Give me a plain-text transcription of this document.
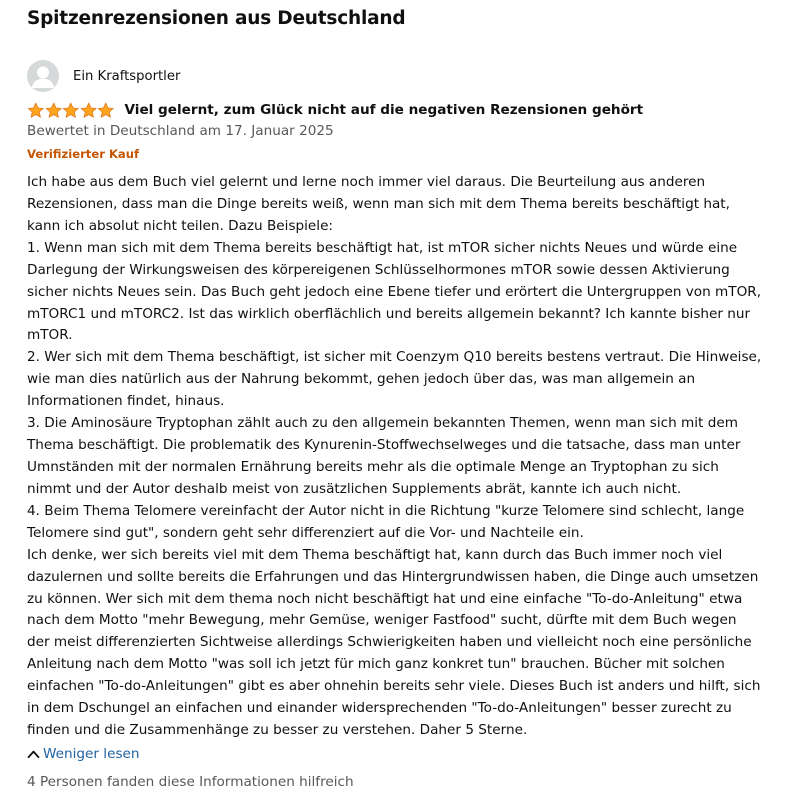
Spitzenrezensionen aus Deutschland
Ein Kraftsportler
Viel gelernt, zum Glück nicht auf die negativen Rezensionen gehört
Bewertet in Deutschland am 17. Januar 2025
Verifizierter Kauf
Ich habe aus dem Buch viel gelernt und lerne noch immer viel daraus. Die Beurteilung aus anderen
Rezensionen, dass man die Dinge bereits weiß, wenn man sich mit dem Thema bereits beschäftigt hat,
kann ich absolut nicht teilen. Dazu Beispiele:
1. Wenn man sich mit dem Thema bereits beschäftigt hat, ist mTOR sicher nichts Neues und würde eine
Darlegung der Wirkungsweisen des körpereigenen Schlüsselhormones mTOR sowie dessen Aktivierung
sicher nichts Neues sein. Das Buch geht jedoch eine Ebene tiefer und erörtert die Untergruppen von mTOR,
mTORC1 und mTORC2. Ist das wirklich oberflächlich und bereits allgemein bekannt? Ich kannte bisher nur
mTOR.
2. Wer sich mit dem Thema beschäftigt, ist sicher mit Coenzym Q10 bereits bestens vertraut. Die Hinweise,
wie man dies natürlich aus der Nahrung bekommt, gehen jedoch über das, was man allgemein an
Informationen findet, hinaus.
3. Die Aminosäure Tryptophan zählt auch zu den allgemein bekannten Themen, wenn man sich mit dem
Thema beschäftigt. Die problematik des Kynurenin-Stoffwechselweges und die tatsache, dass man unter
Umnständen mit der normalen Ernährung bereits mehr als die optimale Menge an Tryptophan zu sich
nimmt und der Autor deshalb meist von zusätzlichen Supplements abrät, kannte ich auch nicht.
4. Beim Thema Telomere vereinfacht der Autor nicht in die Richtung "kurze Telomere sind schlecht, lange
Telomere sind gut", sondern geht sehr differenziert auf die Vor- und Nachteile ein.
Ich denke, wer sich bereits viel mit dem Thema beschäftigt hat, kann durch das Buch immer noch viel
dazulernen und sollte bereits die Erfahrungen und das Hintergrundwissen haben, die Dinge auch umsetzen
zu können. Wer sich mit dem thema noch nicht beschäftigt hat und eine einfache "To-do-Anleitung" etwa
nach dem Motto "mehr Bewegung, mehr Gemüse, weniger Fastfood" sucht, dürfte mit dem Buch wegen
der meist differenzierten Sichtweise allerdings Schwierigkeiten haben und vielleicht noch eine persönliche
Anleitung nach dem Motto "was soll ich jetzt für mich ganz konkret tun" brauchen. Bücher mit solchen
einfachen "To-do-Anleitungen" gibt es aber ohnehin bereits sehr viele. Dieses Buch ist anders und hilft, sich
in dem Dschungel an einfachen und einander widersprechenden "To-do-Anleitungen" besser zurecht zu
finden und die Zusammenhänge zu besser zu verstehen. Daher 5 Sterne.
Weniger lesen
4 Personen fanden diese Informationen hilfreich
